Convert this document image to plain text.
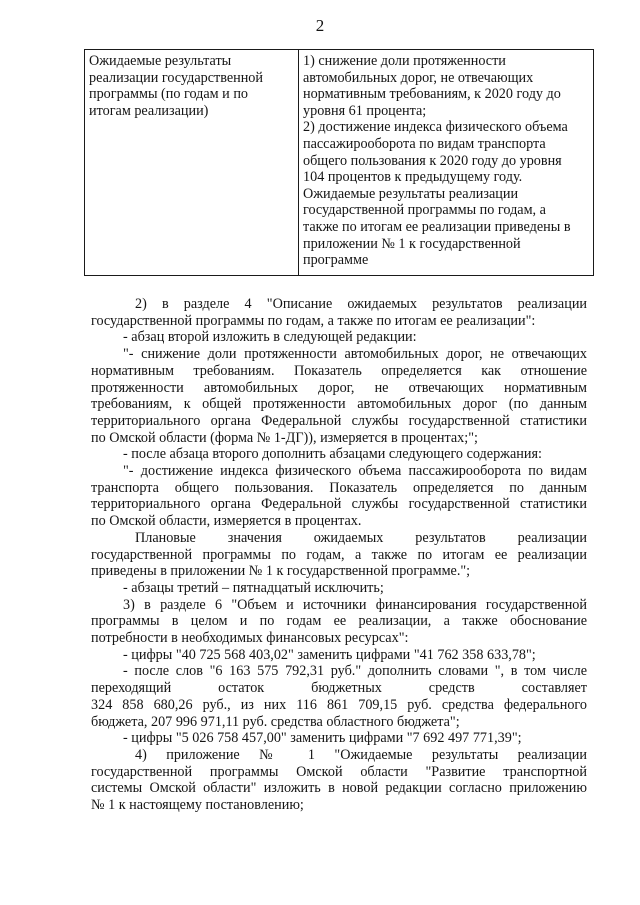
2
Ожидаемые результаты
реализации государственной
программы (по годам и по
итогам реализации)

1) снижение доли протяженности
автомобильных дорог, не отвечающих
нормативным требованиям, к 2020 году до
уровня 61 процента;
2) достижение индекса физического объема
пассажирооборота по видам транспорта
общего пользования к 2020 году до уровня
104 процентов к предыдущему году.
Ожидаемые результаты реализации
государственной программы по годам, а
также по итогам ее реализации приведены в
приложении № 1 к государственной
программе
2) в разделе 4 "Описание ожидаемых результатов реализации
государственной программы по годам, а также по итогам ее реализации":
- абзац второй изложить в следующей редакции:
"- снижение доли протяженности автомобильных дорог, не отвечающих
нормативным требованиям. Показатель определяется как отношение
протяженности автомобильных дорог, не отвечающих нормативным
требованиям, к общей протяженности автомобильных дорог (по данным
территориального органа Федеральной службы государственной статистики
по Омской области (форма № 1-ДГ)), измеряется в процентах;";
- после абзаца второго дополнить абзацами следующего содержания:
"- достижение индекса физического объема пассажирооборота по видам
транспорта общего пользования. Показатель определяется по данным
территориального органа Федеральной службы государственной статистики
по Омской области, измеряется в процентах.
Плановые значения ожидаемых результатов реализации
государственной программы по годам, а также по итогам ее реализации
приведены в приложении № 1 к государственной программе.";
- абзацы третий – пятнадцатый исключить;
3) в разделе 6 "Объем и источники финансирования государственной
программы в целом и по годам ее реализации, а также обоснование
потребности в необходимых финансовых ресурсах":
- цифры "40 725 568 403,02" заменить цифрами "41 762 358 633,78";
- после слов "6 163 575 792,31 руб." дополнить словами ", в том числе
переходящий остаток бюджетных средств составляет
324 858 680,26 руб., из них 116 861 709,15 руб. средства федерального
бюджета, 207 996 971,11 руб. средства областного бюджета";
- цифры "5 026 758 457,00" заменить цифрами "7 692 497 771,39";
4) приложение № 1 "Ожидаемые результаты реализации
государственной программы Омской области "Развитие транспортной
системы Омской области" изложить в новой редакции согласно приложению
№ 1 к настоящему постановлению;
